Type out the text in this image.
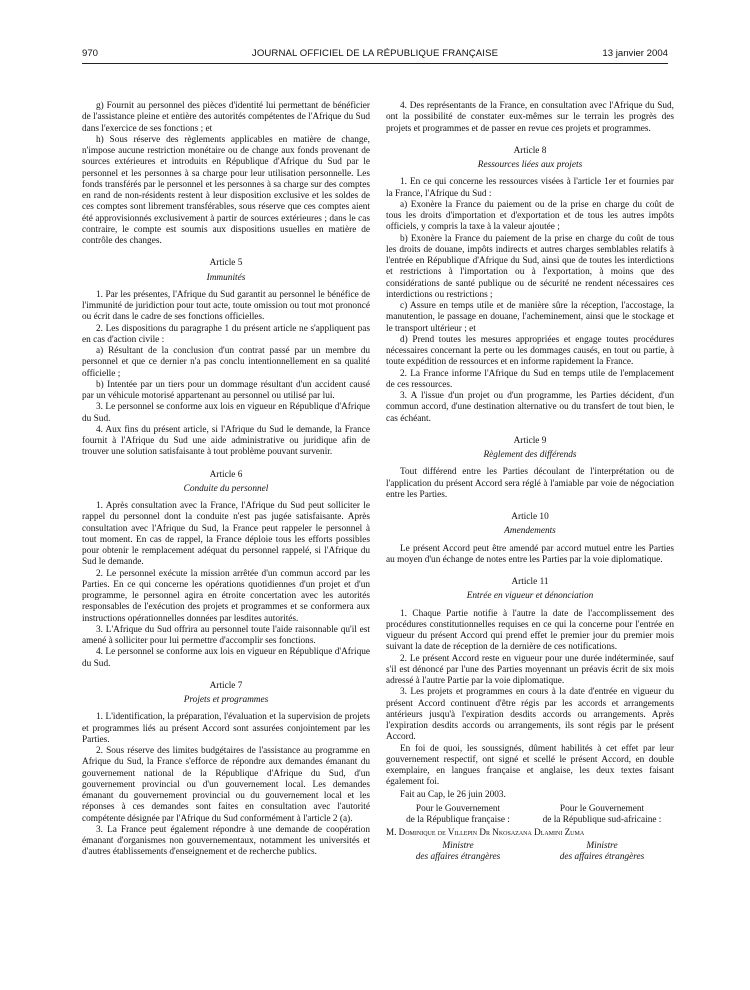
970	JOURNAL OFFICIEL DE LA RÉPUBLIQUE FRANÇAISE	13 janvier 2004

g) Fournit au personnel des pièces d'identité lui permettant de bénéficier de l'assistance pleine et entière des autorités compétentes de l'Afrique du Sud dans l'exercice de ses fonctions ; et

h) Sous réserve des règlements applicables en matière de change, n'impose aucune restriction monétaire ou de change aux fonds provenant de sources extérieures et introduits en République d'Afrique du Sud par le personnel et les personnes à sa charge pour leur utilisation personnelle. Les fonds transférés par le personnel et les personnes à sa charge sur des comptes en rand de non-résidents restent à leur disposition exclusive et les soldes de ces comptes sont librement transférables, sous réserve que ces comptes aient été approvisionnés exclusivement à partir de sources extérieures ; dans le cas contraire, le compte est soumis aux dispositions usuelles en matière de contrôle des changes.

Article 5
Immunités

1. Par les présentes, l'Afrique du Sud garantit au personnel le bénéfice de l'immunité de juridiction pour tout acte, toute omission ou tout mot prononcé ou écrit dans le cadre de ses fonctions officielles.

2. Les dispositions du paragraphe 1 du présent article ne s'appliquent pas en cas d'action civile :

a) Résultant de la conclusion d'un contrat passé par un membre du personnel et que ce dernier n'a pas conclu intentionnellement en sa qualité officielle ;

b) Intentée par un tiers pour un dommage résultant d'un accident causé par un véhicule motorisé appartenant au personnel ou utilisé par lui.

3. Le personnel se conforme aux lois en vigueur en République d'Afrique du Sud.

4. Aux fins du présent article, si l'Afrique du Sud le demande, la France fournit à l'Afrique du Sud une aide administrative ou juridique afin de trouver une solution satisfaisante à tout problème pouvant survenir.

Article 6
Conduite du personnel

1. Après consultation avec la France, l'Afrique du Sud peut solliciter le rappel du personnel dont la conduite n'est pas jugée satisfaisante. Après consultation avec l'Afrique du Sud, la France peut rappeler le personnel à tout moment. En cas de rappel, la France déploie tous les efforts possibles pour obtenir le remplacement adéquat du personnel rappelé, si l'Afrique du Sud le demande.

2. Le personnel exécute la mission arrêtée d'un commun accord par les Parties. En ce qui concerne les opérations quotidiennes d'un projet et d'un programme, le personnel agira en étroite concertation avec les autorités responsables de l'exécution des projets et programmes et se conformera aux instructions opérationnelles données par lesdites autorités.

3. L'Afrique du Sud offrira au personnel toute l'aide raisonnable qu'il est amené à solliciter pour lui permettre d'accomplir ses fonctions.

4. Le personnel se conforme aux lois en vigueur en République d'Afrique du Sud.

Article 7
Projets et programmes

1. L'identification, la préparation, l'évaluation et la supervision de projets et programmes liés au présent Accord sont assurées conjointement par les Parties.

2. Sous réserve des limites budgétaires de l'assistance au programme en Afrique du Sud, la France s'efforce de répondre aux demandes émanant du gouvernement national de la République d'Afrique du Sud, d'un gouvernement provincial ou d'un gouvernement local. Les demandes émanant du gouvernement provincial ou du gouvernement local et les réponses à ces demandes sont faites en consultation avec l'autorité compétente désignée par l'Afrique du Sud conformément à l'article 2 (a).

3. La France peut également répondre à une demande de coopération émanant d'organismes non gouvernementaux, notamment les universités et d'autres établissements d'enseignement et de recherche publics.

4. Des représentants de la France, en consultation avec l'Afrique du Sud, ont la possibilité de constater eux-mêmes sur le terrain les progrès des projets et programmes et de passer en revue ces projets et programmes.

Article 8
Ressources liées aux projets

1. En ce qui concerne les ressources visées à l'article 1er et fournies par la France, l'Afrique du Sud :

a) Exonère la France du paiement ou de la prise en charge du coût de tous les droits d'importation et d'exportation et de tous les autres impôts officiels, y compris la taxe à la valeur ajoutée ;

b) Exonère la France du paiement de la prise en charge du coût de tous les droits de douane, impôts indirects et autres charges semblables relatifs à l'entrée en République d'Afrique du Sud, ainsi que de toutes les interdictions et restrictions à l'importation ou à l'exportation, à moins que des considérations de santé publique ou de sécurité ne rendent nécessaires ces interdictions ou restrictions ;

c) Assure en temps utile et de manière sûre la réception, l'accostage, la manutention, le passage en douane, l'acheminement, ainsi que le stockage et le transport ultérieur ; et

d) Prend toutes les mesures appropriées et engage toutes procédures nécessaires concernant la perte ou les dommages causés, en tout ou partie, à toute expédition de ressources et en informe rapidement la France.

2. La France informe l'Afrique du Sud en temps utile de l'emplacement de ces ressources.

3. A l'issue d'un projet ou d'un programme, les Parties décident, d'un commun accord, d'une destination alternative ou du transfert de tout bien, le cas échéant.

Article 9
Règlement des différends

Tout différend entre les Parties découlant de l'interprétation ou de l'application du présent Accord sera réglé à l'amiable par voie de négociation entre les Parties.

Article 10
Amendements

Le présent Accord peut être amendé par accord mutuel entre les Parties au moyen d'un échange de notes entre les Parties par la voie diplomatique.

Article 11
Entrée en vigueur et dénonciation

1. Chaque Partie notifie à l'autre la date de l'accomplissement des procédures constitutionnelles requises en ce qui la concerne pour l'entrée en vigueur du présent Accord qui prend effet le premier jour du premier mois suivant la date de réception de la dernière de ces notifications.

2. Le présent Accord reste en vigueur pour une durée indéterminée, sauf s'il est dénoncé par l'une des Parties moyennant un préavis écrit de six mois adressé à l'autre Partie par la voie diplomatique.

3. Les projets et programmes en cours à la date d'entrée en vigueur du présent Accord continuent d'être régis par les accords et arrangements antérieurs jusqu'à l'expiration desdits accords ou arrangements. Après l'expiration desdits accords ou arrangements, ils sont régis par le présent Accord.

En foi de quoi, les soussignés, dûment habilités à cet effet par leur gouvernement respectif, ont signé et scellé le présent Accord, en double exemplaire, en langues française et anglaise, les deux textes faisant également foi.

Fait au Cap, le 26 juin 2003.

Pour le Gouvernement
de la République française :
Pour le Gouvernement
de la République sud-africaine :
M. Dominique de Villepin Dr Nkosazana Dlamini Zuma
Ministre
des affaires étrangères
Ministre
des affaires étrangères
